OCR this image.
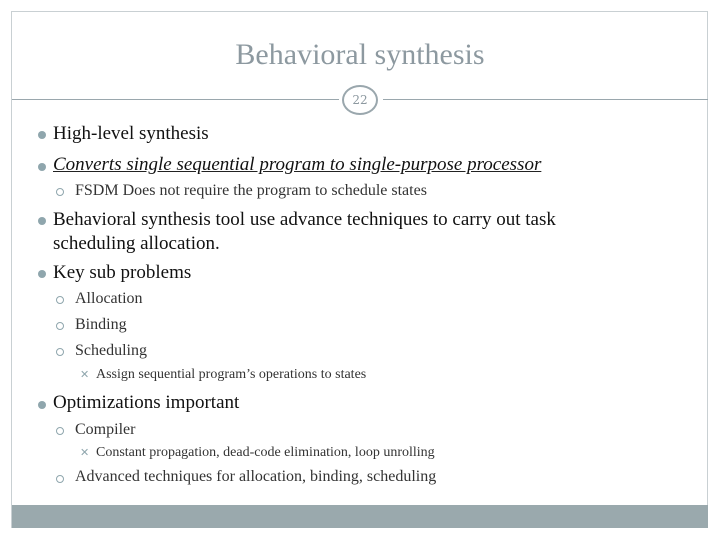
Behavioral synthesis
22
High-level synthesis
Converts single sequential program to single-purpose processor
FSDM Does not require the program to schedule states
Behavioral synthesis tool use advance techniques to carry out task
scheduling allocation.
Key sub problems
Allocation
Binding
Scheduling
✕ Assign sequential program’s operations to states
Optimizations important
Compiler
✕ Constant propagation, dead-code elimination, loop unrolling
Advanced techniques for allocation, binding, scheduling
